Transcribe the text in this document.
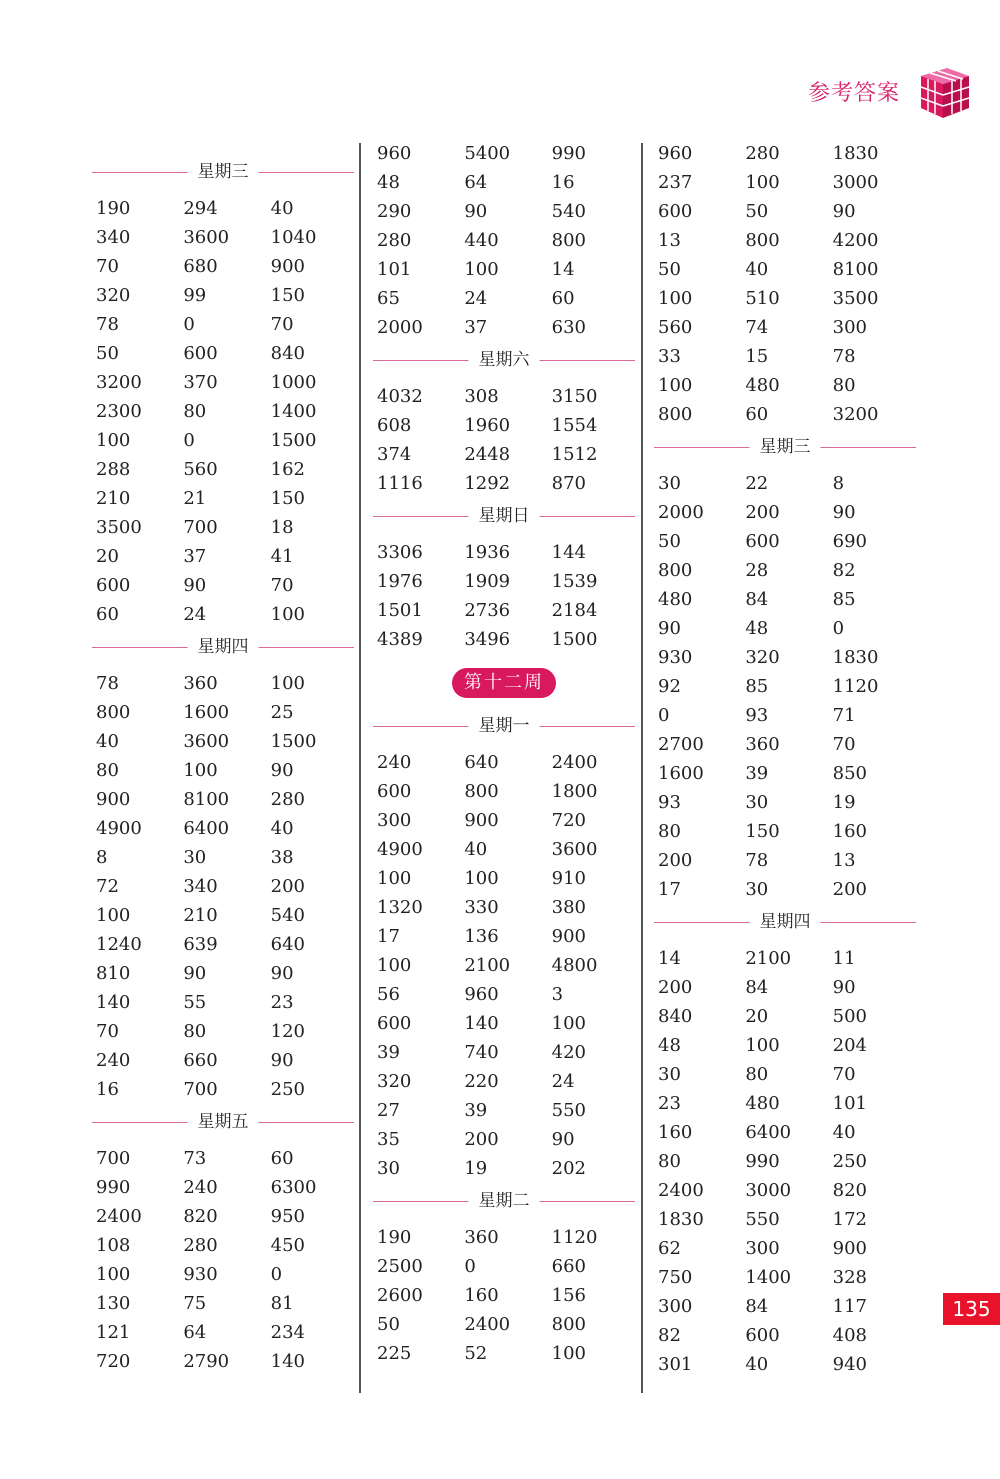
参考答案
星期三
190	294	40
340	3600	1040
70	680	900
320	99	150
78	0	70
50	600	840
3200	370	1000
2300	80	1400
100	0	1500
288	560	162
210	21	150
3500	700	18
20	37	41
600	90	70
60	24	100
星期四
78	360	100
800	1600	25
40	3600	1500
80	100	90
900	8100	280
4900	6400	40
8	30	38
72	340	200
100	210	540
1240	639	640
810	90	90
140	55	23
70	80	120
240	660	90
16	700	250
星期五
700	73	60
990	240	6300
2400	820	950
108	280	450
100	930	0
130	75	81
121	64	234
720	2790	140
960	5400	990
48	64	16
290	90	540
280	440	800
101	100	14
65	24	60
2000	37	630
星期六
4032	308	3150
608	1960	1554
374	2448	1512
1116	1292	870
星期日
3306	1936	144
1976	1909	1539
1501	2736	2184
4389	3496	1500
第十二周
星期一
240	640	2400
600	800	1800
300	900	720
4900	40	3600
100	100	910
1320	330	380
17	136	900
100	2100	4800
56	960	3
600	140	100
39	740	420
320	220	24
27	39	550
35	200	90
30	19	202
星期二
190	360	1120
2500	0	660
2600	160	156
50	2400	800
225	52	100
960	280	1830
237	100	3000
600	50	90
13	800	4200
50	40	8100
100	510	3500
560	74	300
33	15	78
100	480	80
800	60	3200
星期三
30	22	8
2000	200	90
50	600	690
800	28	82
480	84	85
90	48	0
930	320	1830
92	85	1120
0	93	71
2700	360	70
1600	39	850
93	30	19
80	150	160
200	78	13
17	30	200
星期四
14	2100	11
200	84	90
840	20	500
48	100	204
30	80	70
23	480	101
160	6400	40
80	990	250
2400	3000	820
1830	550	172
62	300	900
750	1400	328
300	84	117
82	600	408
301	40	940
135
